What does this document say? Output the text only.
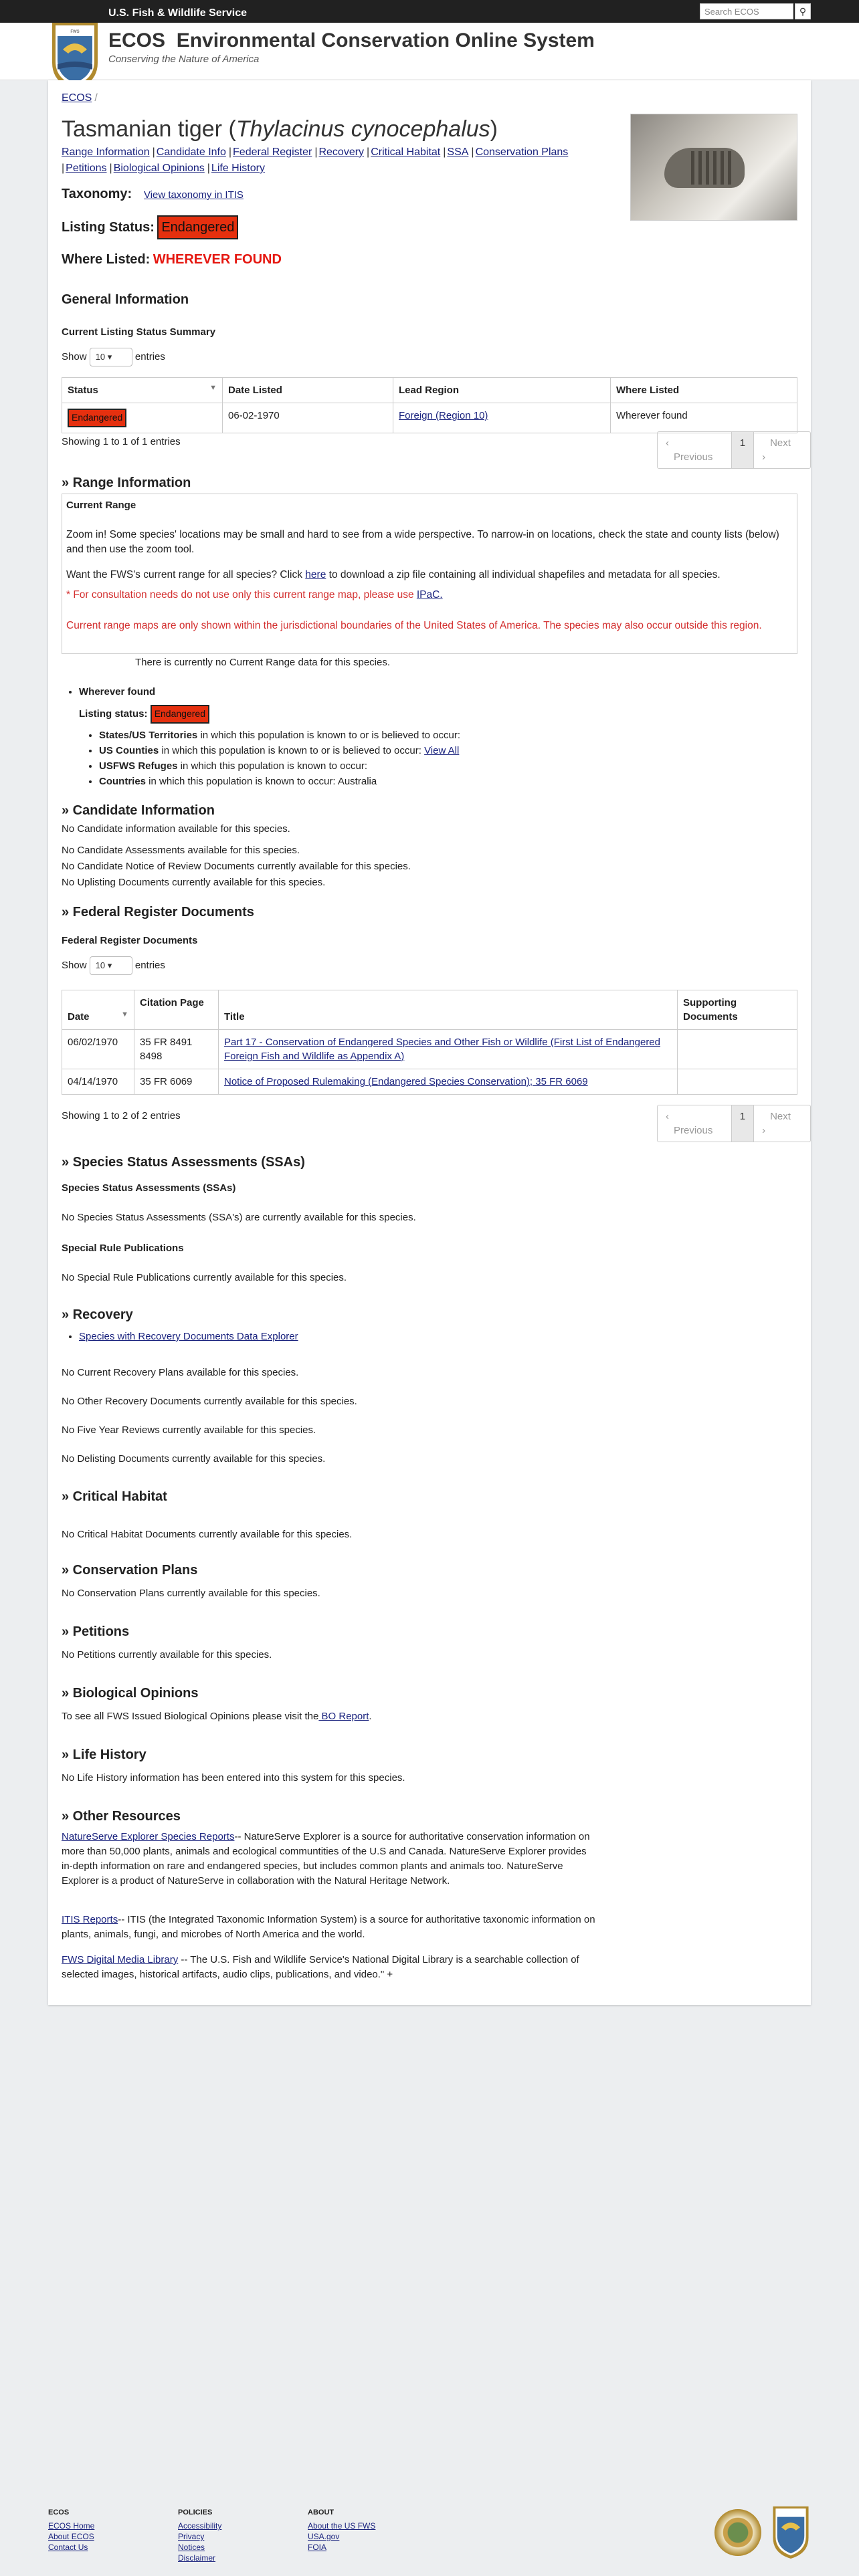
U.S. Fish & Wildlife Service	Search ECOS	⚲
FWS ECOS Environmental Conservation Online System
Conserving the Nature of America
ECOS /
Tasmanian tiger (Thylacinus cynocephalus)
Range Information | Candidate Info | Federal Register | Recovery | Critical Habitat | SSA | Conservation Plans
| Petitions | Biological Opinions | Life History
Taxonomy: View taxonomy in ITIS
Listing Status: Endangered
Where Listed: WHEREVER FOUND
General Information
Current Listing Status Summary
Show 10 ▾ entries
Status ▼	Date Listed	Lead Region	Where Listed
Endangered	06-02-1970	Foreign (Region 10)	Wherever found
Showing 1 to 1 of 1 entries	‹ Previous
1	Next ›
» Range Information
Current Range
Zoom in! Some species' locations may be small and hard to see from a wide perspective. To narrow-in on locations, check the state and county lists (below) and then use the zoom tool.
Want the FWS's current range for all species? Click here to download a zip file containing all individual shapefiles and metadata for all species.
* For consultation needs do not use only this current range map, please use IPaC.
Current range maps are only shown within the jurisdictional boundaries of the United States of America. The species may also occur outside this region.
There is currently no Current Range data for this species.
• Wherever found
Listing status: Endangered
• States/US Territories in which this population is known to or is believed to occur:
• US Counties in which this population is known to or is believed to occur: View All
• USFWS Refuges in which this population is known to occur:
• Countries in which this population is known to occur: Australia
» Candidate Information
No Candidate information available for this species.
No Candidate Assessments available for this species.
No Candidate Notice of Review Documents currently available for this species.
No Uplisting Documents currently available for this species.
» Federal Register Documents
Federal Register Documents
Show 10 ▾ entries
Date ▼	Citation Page	Title	Supporting Documents
06/02/1970	35 FR 8491 8498	Part 17 - Conservation of Endangered Species and Other Fish or Wildlife (First List of Endangered Foreign Fish and Wildlife as Appendix A)	
04/14/1970	35 FR 6069	Notice of Proposed Rulemaking (Endangered Species Conservation); 35 FR 6069	
Showing 1 to 2 of 2 entries	‹ Previous
1	Next ›
» Species Status Assessments (SSAs)
Species Status Assessments (SSAs)
No Species Status Assessments (SSA's) are currently available for this species.
Special Rule Publications
No Special Rule Publications currently available for this species.
» Recovery
• Species with Recovery Documents Data Explorer
No Current Recovery Plans available for this species.
No Other Recovery Documents currently available for this species.
No Five Year Reviews currently available for this species.
No Delisting Documents currently available for this species.
» Critical Habitat
No Critical Habitat Documents currently available for this species.
» Conservation Plans
No Conservation Plans currently available for this species.
» Petitions
No Petitions currently available for this species.
» Biological Opinions
To see all FWS Issued Biological Opinions please visit the BO Report.
» Life History
No Life History information has been entered into this system for this species.
» Other Resources
NatureServe Explorer Species Reports-- NatureServe Explorer is a source for authoritative conservation information on more than 50,000 plants, animals and ecological communtities of the U.S and Canada. NatureServe Explorer provides in-depth information on rare and endangered species, but includes common plants and animals too. NatureServe Explorer is a product of NatureServe in collaboration with the Natural Heritage Network.
ITIS Reports-- ITIS (the Integrated Taxonomic Information System) is a source for authoritative taxonomic information on plants, animals, fungi, and microbes of North America and the world.
FWS Digital Media Library -- The U.S. Fish and Wildlife Service's National Digital Library is a searchable collection of selected images, historical artifacts, audio clips, publications, and video." +
ECOS
ECOS Home
About ECOS
Contact Us
POLICIES
Accessibility
Privacy
Notices
Disclaimer
ABOUT
About the US FWS
USA.gov
FOIA
